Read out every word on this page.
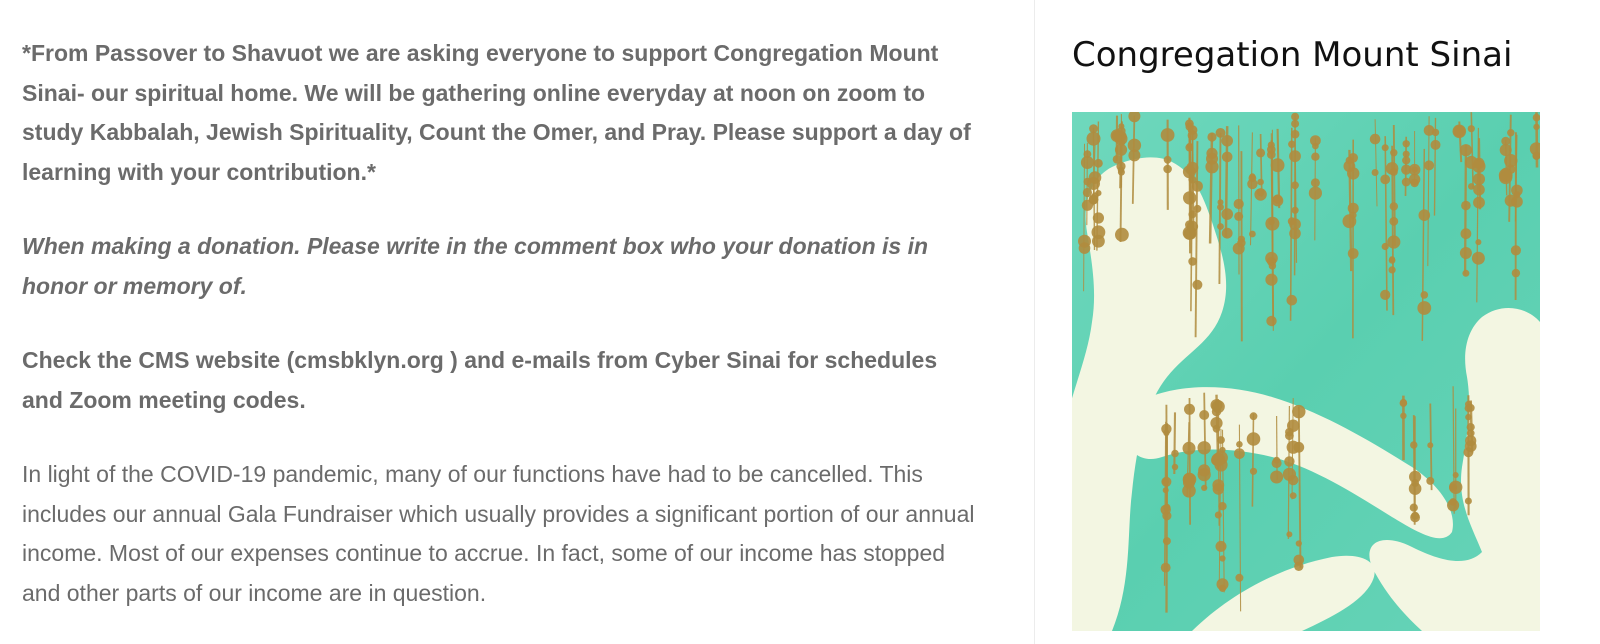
*From Passover to Shavuot we are asking everyone to support Congregation Mount Sinai- our spiritual home. We will be gathering online everyday at noon on zoom to study Kabbalah, Jewish Spirituality, Count the Omer, and Pray. Please support a day of learning with your contribution.*

When making a donation. Please write in the comment box who your donation is in honor or memory of.

Check the CMS website (cmsbklyn.org ) and e-mails from Cyber Sinai for schedules and Zoom meeting codes.

In light of the COVID-19 pandemic, many of our functions have had to be cancelled. This includes our annual Gala Fundraiser which usually provides a significant portion of our annual income. Most of our expenses continue to accrue. In fact, some of our income has stopped and other parts of our income are in question.

Congregation Mount Sinai
